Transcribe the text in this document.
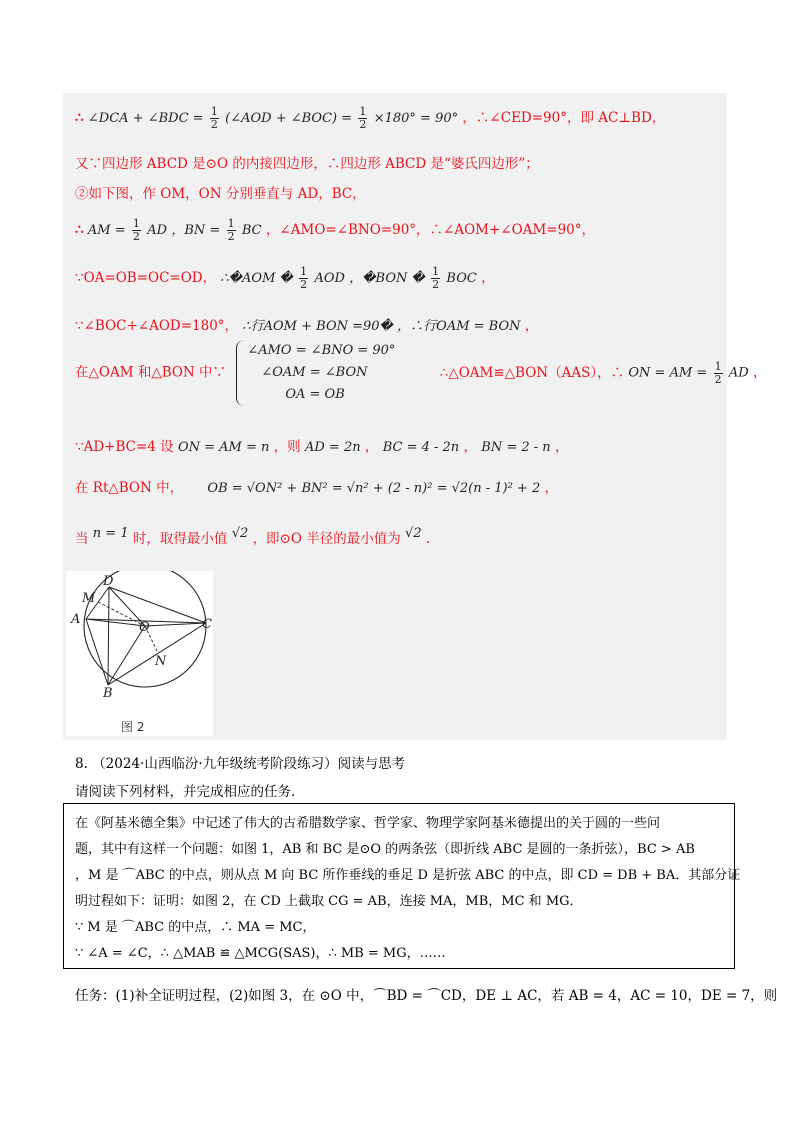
∴ ∠DCA + ∠BDC = $\frac{1}{2}$ (∠AOD + ∠BOC) = $\frac{1}{2} \times 180^\circ = 90^\circ$ ，∴∠CED=90°，即 AC⊥BD，
又∵四边形 ABCD 是⊙O 的内接四边形，∴四边形 ABCD 是“婆氏四边形”；
②如下图，作 OM，ON 分别垂直与 AD，BC，
∴ AM = $\frac{1}{2}$ AD ，BN = $\frac{1}{2}$ BC ，∠AMO=∠BNO=90°，∴∠AOM+∠OAM=90°，
∵OA=OB=OC=OD， ∴�AOM � $\frac{1}{2}$ AOD ，�BON � $\frac{1}{2}$ BOC ，
∵∠BOC+∠AOD=180°， ∴行AOM + BON =90� ，∴行OAM = BON ，
在△OAM 和△BON 中∵
∠AMO = ∠BNO = 90°
∠OAM = ∠BON
OA = OB
∴△OAM≌△BON（AAS），∴ ON = AM = $\frac{1}{2}$ AD ，
∵AD+BC=4 设 ON = AM = n ，则 AD = 2n ， BC = 4 - 2n ， BN = 2 - n ，
在 Rt△BON 中， OB = √ON² + BN² = √n² + (2 - n)² = √2(n - 1)² + 2 ，
当 n = 1 时，取得最小值 √2 ，即⊙O 半径的最小值为 √2 .
D
M
A
O	C
N
B
图 2
8. （2024·山西临汾·九年级统考阶段练习）阅读与思考
请阅读下列材料，并完成相应的任务.
在《阿基米德全集》中记述了伟大的古希腊数学家、哲学家、物理学家阿基米德提出的关于圆的一些问
题，其中有这样一个问题：如图 1，AB 和 BC 是⊙O 的两条弦（即折线 ABC 是圆的一条折弦），BC > AB
，M 是 ⌒ABC 的中点，则从点 M 向 BC 所作垂线的垂足 D 是折弦 ABC 的中点，即 CD = DB + BA．其部分证
明过程如下：证明：如图 2，在 CD 上截取 CG = AB，连接 MA，MB，MC 和 MG．
∵ M 是 ⌒ABC 的中点，∴ MA = MC，
∵ ∠A = ∠C，∴ △MAB ≌ △MCG(SAS)，∴ MB = MG，……
任务：(1)补全证明过程，(2)如图 3，在 ⊙O 中，⌒BD = ⌒CD，DE ⊥ AC，若 AB = 4，AC = 10，DE = 7，则
